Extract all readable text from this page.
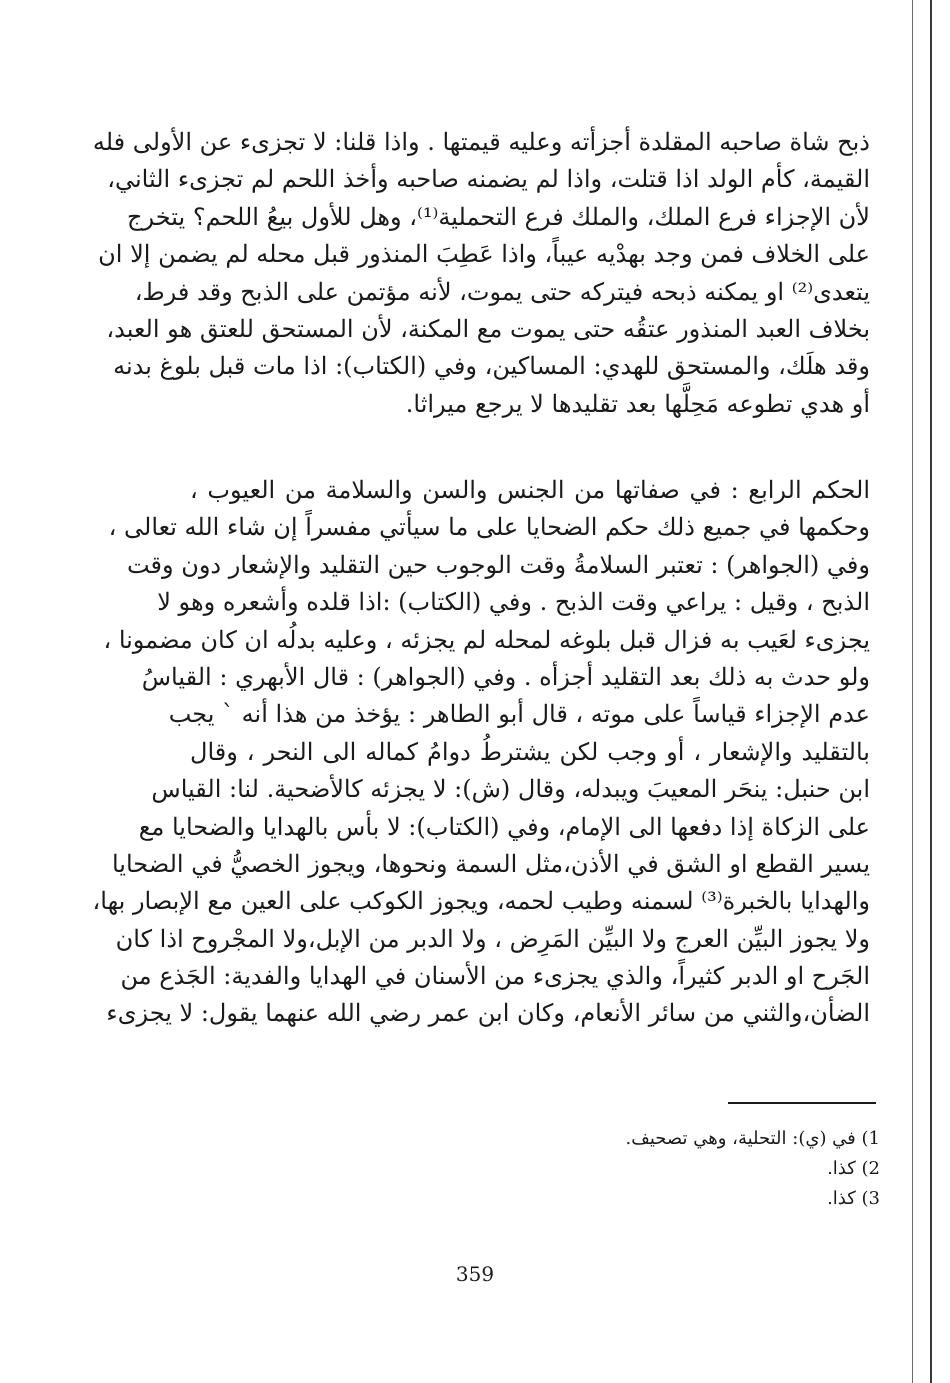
ذبح شاة صاحبه المقلدة أجزأته وعليه قيمتها . واذا قلنا: لا تجزىء عن الأولى فله
القيمة، كأم الولد اذا قتلت، واذا لم يضمنه صاحبه وأخذ اللحم لم تجزىء الثاني،
لأن الإجزاء فرع الملك، والملك فرع التحملية⁽¹⁾، وهل للأول بيعُ اللحم؟ يتخرج
على الخلاف فمن وجد بهدْيه عيباً، واذا عَطِبَ المنذور قبل محله لم يضمن إلا ان
يتعدى⁽²⁾ او يمكنه ذبحه فيتركه حتى يموت، لأنه مؤتمن على الذبح وقد فرط،
بخلاف العبد المنذور عتقُه حتى يموت مع المكنة، لأن المستحق للعتق هو العبد،
وقد هلَك، والمستحق للهدي: المساكين، وفي (الكتاب): اذا مات قبل بلوغ بدنه
أو هدي تطوعه مَحِلَّها بعد تقليدها لا يرجع ميراثا.
الحكم الرابع : في صفاتها من الجنس والسن والسلامة من العيوب ،
وحكمها في جميع ذلك حكم الضحايا على ما سيأتي مفسراً إن شاء الله تعالى ،
وفي (الجواهر) : تعتبر السلامةُ وقت الوجوب حين التقليد والإشعار دون وقت
الذبح ، وقيل : يراعي وقت الذبح . وفي (الكتاب) :اذا قلده وأشعره وهو لا
يجزىء لعَيب به فزال قبل بلوغه لمحله لم يجزئه ، وعليه بدلُه ان كان مضمونا ،
ولو حدث به ذلك بعد التقليد أجزأه . وفي (الجواهر) : قال الأبهري : القياسُ
عدم الإجزاء قياساً على موته ، قال أبو الطاهر : يؤخذ من هذا أنه ` يجب
بالتقليد والإشعار ، أو وجب لكن يشترطُ دوامُ كماله الى النحر ، وقال
ابن حنبل: ينحَر المعيبَ ويبدله، وقال (ش): لا يجزئه كالأضحية. لنا: القياس
على الزكاة إذا دفعها الى الإمام، وفي (الكتاب): لا بأس بالهدايا والضحايا مع
يسير القطع او الشق في الأذن،مثل السمة ونحوها، ويجوز الخصيُّ في الضحايا
والهدايا بالخبرة⁽³⁾ لسمنه وطيب لحمه، ويجوز الكوكب على العين مع الإبصار بها،
ولا يجوز البيِّن العرج ولا البيِّن المَرِض ، ولا الدبر من الإبل،ولا المجْروح اذا كان
الجَرح او الدبر كثيراً، والذي يجزىء من الأسنان في الهدايا والفدية: الجَذع من
الضأن،والثني من سائر الأنعام، وكان ابن عمر رضي الله عنهما يقول: لا يجزىء
1) في (ي): التحلية، وهي تصحيف.
2) كذا.
3) كذا.
359
